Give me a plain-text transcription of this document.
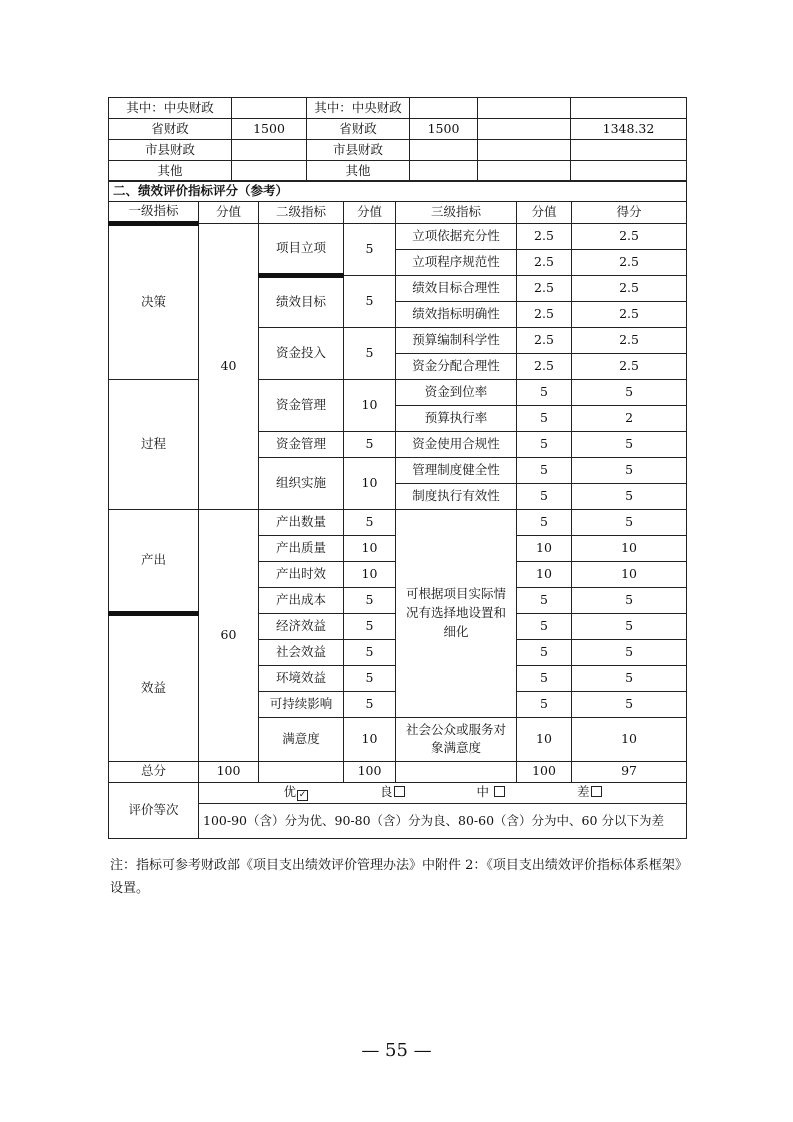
其中：中央财政		其中：中央财政			
省财政	1500	省财政	1500		1348.32
市县财政		市县财政			
其他		其他			
二、绩效评价指标评分（参考）						
一级指标	分值	二级指标	分值	三级指标	分值	得分
决策	40	项目立项	5	立项依据充分性	2.5	2.5
				立项程序规范性	2.5	2.5
		绩效目标	5	绩效目标合理性	2.5	2.5
				绩效指标明确性	2.5	2.5
		资金投入	5	预算编制科学性	2.5	2.5
				资金分配合理性	2.5	2.5
过程		资金管理	10	资金到位率	5	5
				预算执行率	5	2
		资金管理	5	资金使用合规性	5	5
		组织实施	10	管理制度健全性	5	5
				制度执行有效性	5	5
产出	60	产出数量	5	可根据项目实际情况有选择地设置和细化	5	5
		产出质量	10		10	10
		产出时效	10		10	10
		产出成本	5		5	5
效益		经济效益	5		5	5
		社会效益	5		5	5
		环境效益	5		5	5
		可持续影响	5		5	5
		满意度	10	社会公众或服务对象满意度	10	10
总分	100		100		100	97
评价等次	优 ✓ 良 中 差					
	100-90（含）分为优、90-80（含）分为良、80-60（含）分为中、60 分以下为差					
注：指标可参考财政部《项目支出绩效评价管理办法》中附件 2：《项目支出绩效评价指标体系框架》设置。
— 55 —
